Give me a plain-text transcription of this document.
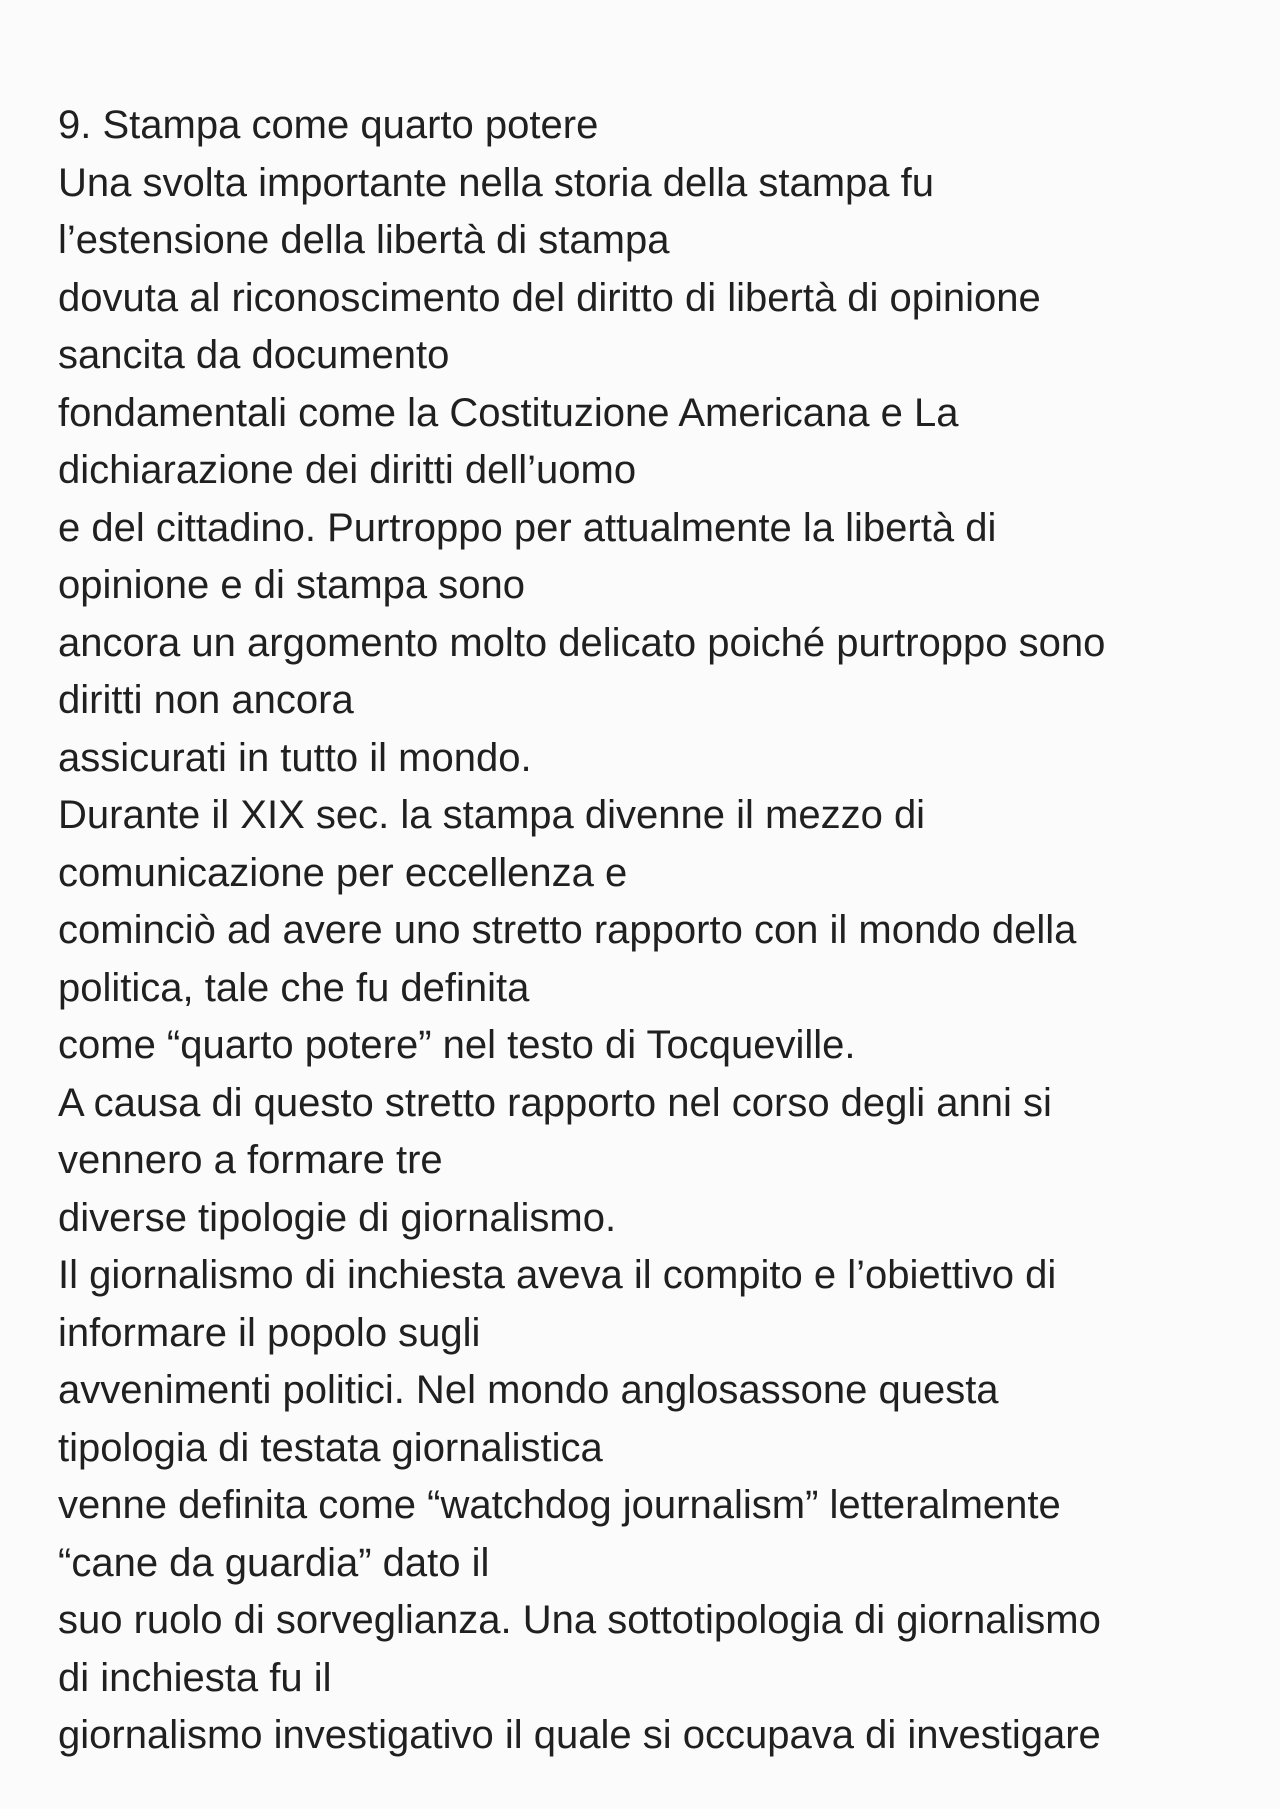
9. Stampa come quarto potere
Una svolta importante nella storia della stampa fu
l’estensione della libertà di stampa
dovuta al riconoscimento del diritto di libertà di opinione
sancita da documento
fondamentali come la Costituzione Americana e La
dichiarazione dei diritti dell’uomo
e del cittadino. Purtroppo per attualmente la libertà di
opinione e di stampa sono
ancora un argomento molto delicato poiché purtroppo sono
diritti non ancora
assicurati in tutto il mondo.
Durante il XIX sec. la stampa divenne il mezzo di
comunicazione per eccellenza e
cominciò ad avere uno stretto rapporto con il mondo della
politica, tale che fu definita
come “quarto potere” nel testo di Tocqueville.
A causa di questo stretto rapporto nel corso degli anni si
vennero a formare tre
diverse tipologie di giornalismo.
Il giornalismo di inchiesta aveva il compito e l’obiettivo di
informare il popolo sugli
avvenimenti politici. Nel mondo anglosassone questa
tipologia di testata giornalistica
venne definita come “watchdog journalism” letteralmente
“cane da guardia” dato il
suo ruolo di sorveglianza. Una sottotipologia di giornalismo
di inchiesta fu il
giornalismo investigativo il quale si occupava di investigare
